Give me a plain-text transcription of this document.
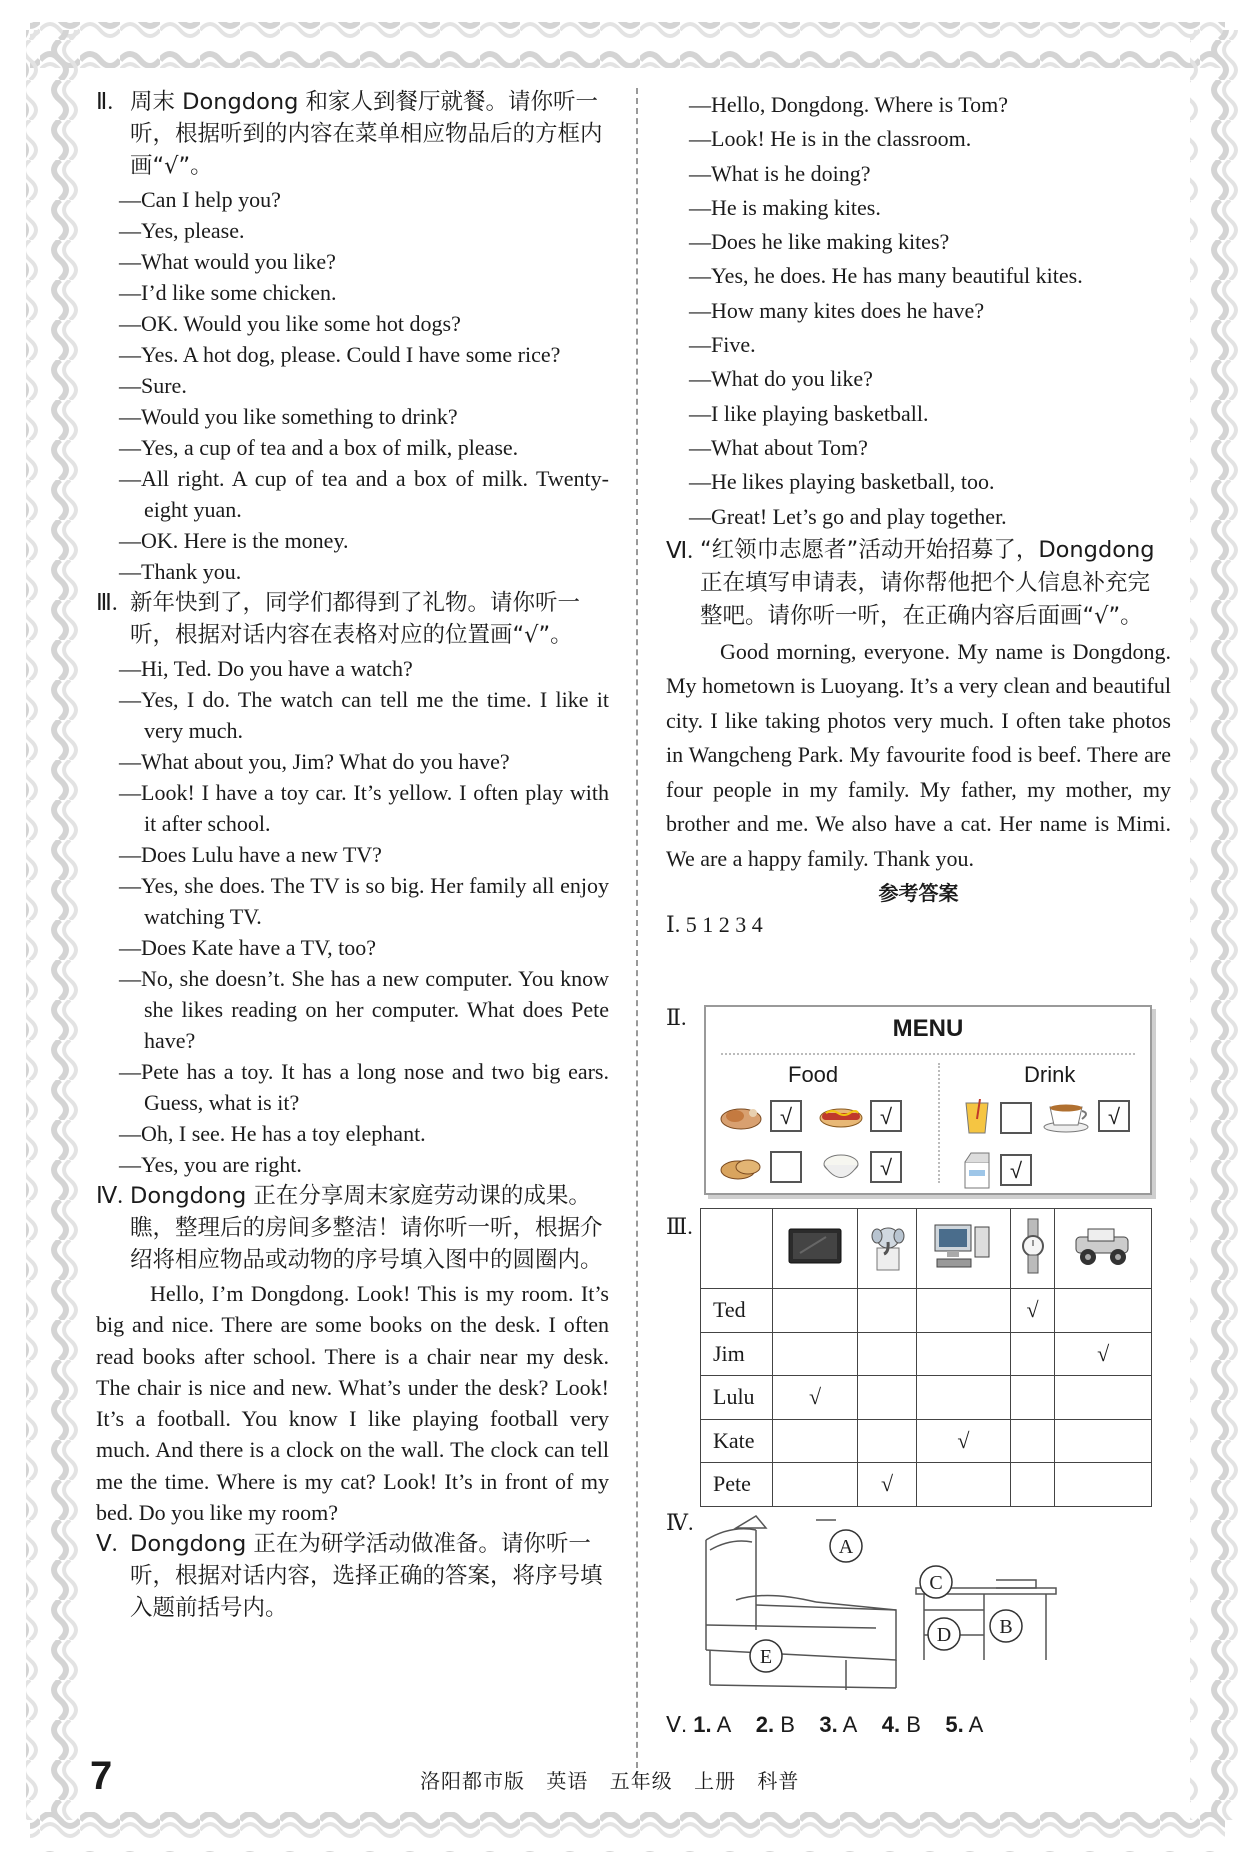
Ⅱ. 周末 Dongdong 和家人到餐厅就餐。请你听一听，根据听到的内容在菜单相应物品后的方框内画“√”。
—Can I help you?
—Yes, please.
—What would you like?
—I’d like some chicken.
—OK. Would you like some hot dogs?
—Yes. A hot dog, please. Could I have some rice?
—Sure.
—Would you like something to drink?
—Yes, a cup of tea and a box of milk, please.
—All right. A cup of tea and a box of milk. Twenty-eight yuan.
—OK. Here is the money.
—Thank you.
Ⅲ. 新年快到了，同学们都得到了礼物。请你听一听，根据对话内容在表格对应的位置画“√”。
—Hi, Ted. Do you have a watch?
—Yes, I do. The watch can tell me the time. I like it very much.
—What about you, Jim? What do you have?
—Look! I have a toy car. It’s yellow. I often play with it after school.
—Does Lulu have a new TV?
—Yes, she does. The TV is so big. Her family all enjoy watching TV.
—Does Kate have a TV, too?
—No, she doesn’t. She has a new computer. You know she likes reading on her computer. What does Pete have?
—Pete has a toy. It has a long nose and two big ears. Guess, what is it?
—Oh, I see. He has a toy elephant.
—Yes, you are right.
Ⅳ. Dongdong 正在分享周末家庭劳动课的成果。瞧，整理后的房间多整洁！请你听一听，根据介绍将相应物品或动物的序号填入图中的圆圈内。
Hello, I’m Dongdong. Look! This is my room. It’s big and nice. There are some books on the desk. I often read books after school. There is a chair near my desk. The chair is nice and new. What’s under the desk? Look! It’s a football. You know I like playing football very much. And there is a clock on the wall. The clock can tell me the time. Where is my cat? Look! It’s in front of my bed. Do you like my room?
Ⅴ. Dongdong 正在为研学活动做准备。请你听一听，根据对话内容，选择正确的答案，将序号填入题前括号内。
—Hello, Dongdong. Where is Tom?
—Look! He is in the classroom.
—What is he doing?
—He is making kites.
—Does he like making kites?
—Yes, he does. He has many beautiful kites.
—How many kites does he have?
—Five.
—What do you like?
—I like playing basketball.
—What about Tom?
—He likes playing basketball, too.
—Great! Let’s go and play together.
Ⅵ. “红领巾志愿者”活动开始招募了，Dongdong 正在填写申请表，请你帮他把个人信息补充完整吧。请你听一听，在正确内容后面画“√”。
Good morning, everyone. My name is Dongdong. My hometown is Luoyang. It’s a very clean and beautiful city. I like taking photos very much. I often take photos in Wangcheng Park. My favourite food is beef. There are four people in my family. My father, my mother, my brother and me. We also have a cat. Her name is Mimi. We are a happy family. Thank you.
参考答案
Ⅰ. 5 1 2 3 4
Ⅱ.	MENU
Food	Drink
√	√
√
√
√
Ⅲ.

Ted				√	
Jim					√
Lulu	√				
Kate			√		
Pete		√			
Ⅳ.
A
B
C
D
E
Ⅴ. 1. A 2. B 3. A 4. B 5. A
7	洛阳都市版 英语 五年级 上册 科普
